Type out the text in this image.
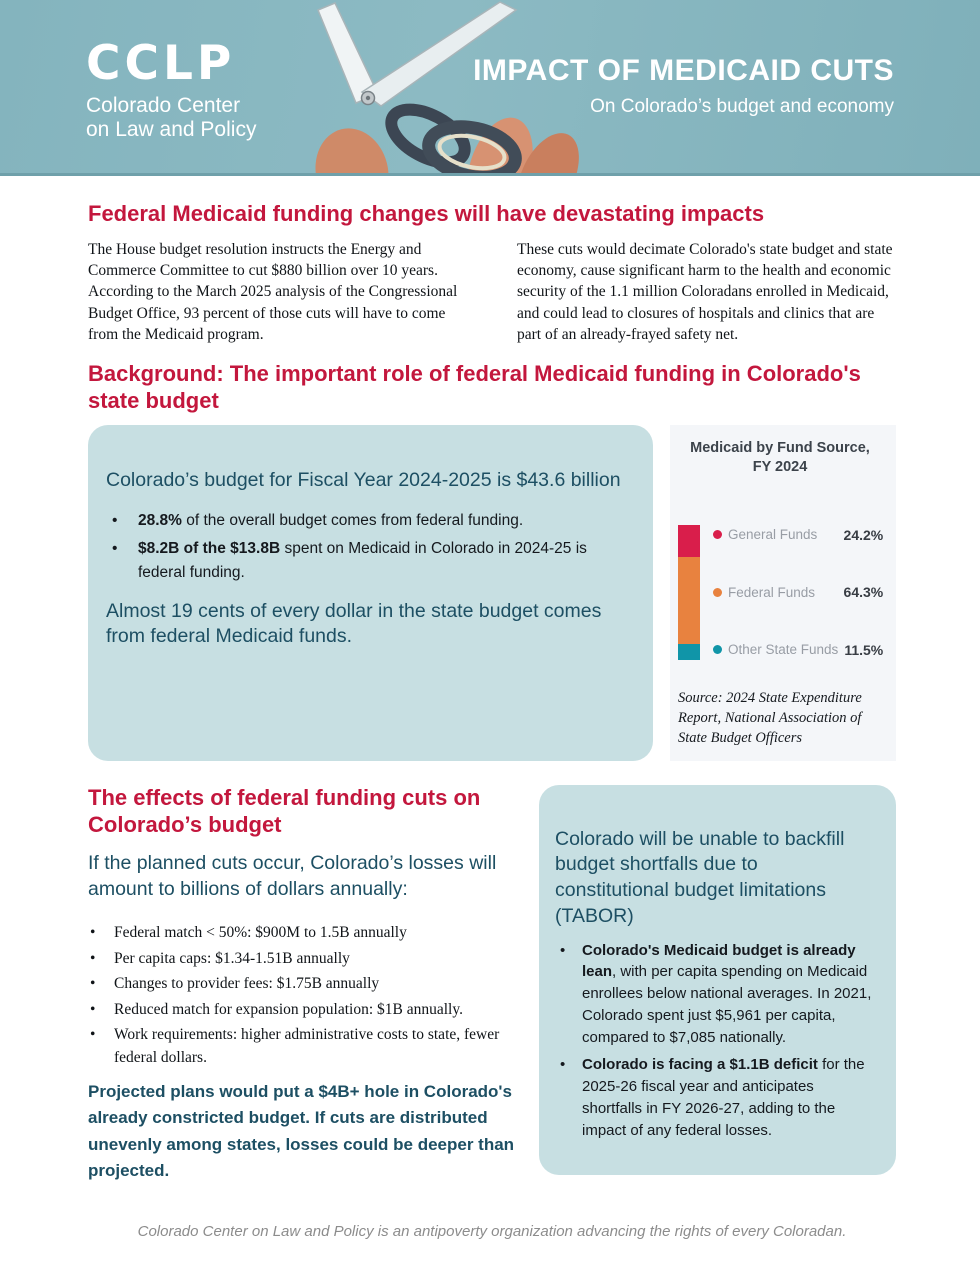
CCLP
Colorado Center
on Law and Policy
IMPACT OF MEDICAID CUTS
On Colorado’s budget and economy
Federal Medicaid funding changes will have devastating impacts

The House budget resolution instructs the Energy and Commerce Committee to cut $880 billion over 10 years. According to the March 2025 analysis of the Congressional Budget Office, 93 percent of those cuts will have to come from the Medicaid program.

These cuts would decimate Colorado's state budget and state economy, cause significant harm to the health and economic security of the 1.1 million Coloradans enrolled in Medicaid, and could lead to closures of hospitals and clinics that are part of an already-frayed safety net.

Background: The important role of federal Medicaid funding in Colorado's state budget

Colorado’s budget for Fiscal Year 2024-2025 is $43.6 billion

• 28.8% of the overall budget comes from federal funding.
• $8.2B of the $13.8B spent on Medicaid in Colorado in 2024-25 is federal funding.

Almost 19 cents of every dollar in the state budget comes from federal Medicaid funds.

Medicaid by Fund Source, FY 2024
General Funds 24.2%
Federal Funds 64.3%
Other State Funds 11.5%
Source: 2024 State Expenditure Report, National Association of State Budget Officers
The effects of federal funding cuts on Colorado’s budget

If the planned cuts occur, Colorado’s losses will amount to billions of dollars annually:

• Federal match < 50%: $900M to 1.5B annually
• Per capita caps: $1.34-1.51B annually
• Changes to provider fees: $1.75B annually
• Reduced match for expansion population: $1B annually.
• Work requirements: higher administrative costs to state, fewer federal dollars.

Projected plans would put a $4B+ hole in Colorado's already constricted budget. If cuts are distributed unevenly among states, losses could be deeper than projected.

Colorado will be unable to backfill budget shortfalls due to constitutional budget limitations (TABOR)

• Colorado's Medicaid budget is already lean, with per capita spending on Medicaid enrollees below national averages. In 2021, Colorado spent just $5,961 per capita, compared to $7,085 nationally.
• Colorado is facing a $1.1B deficit for the 2025-26 fiscal year and anticipates shortfalls in FY 2026-27, adding to the impact of any federal losses.
Colorado Center on Law and Policy is an antipoverty organization advancing the rights of every Coloradan.
